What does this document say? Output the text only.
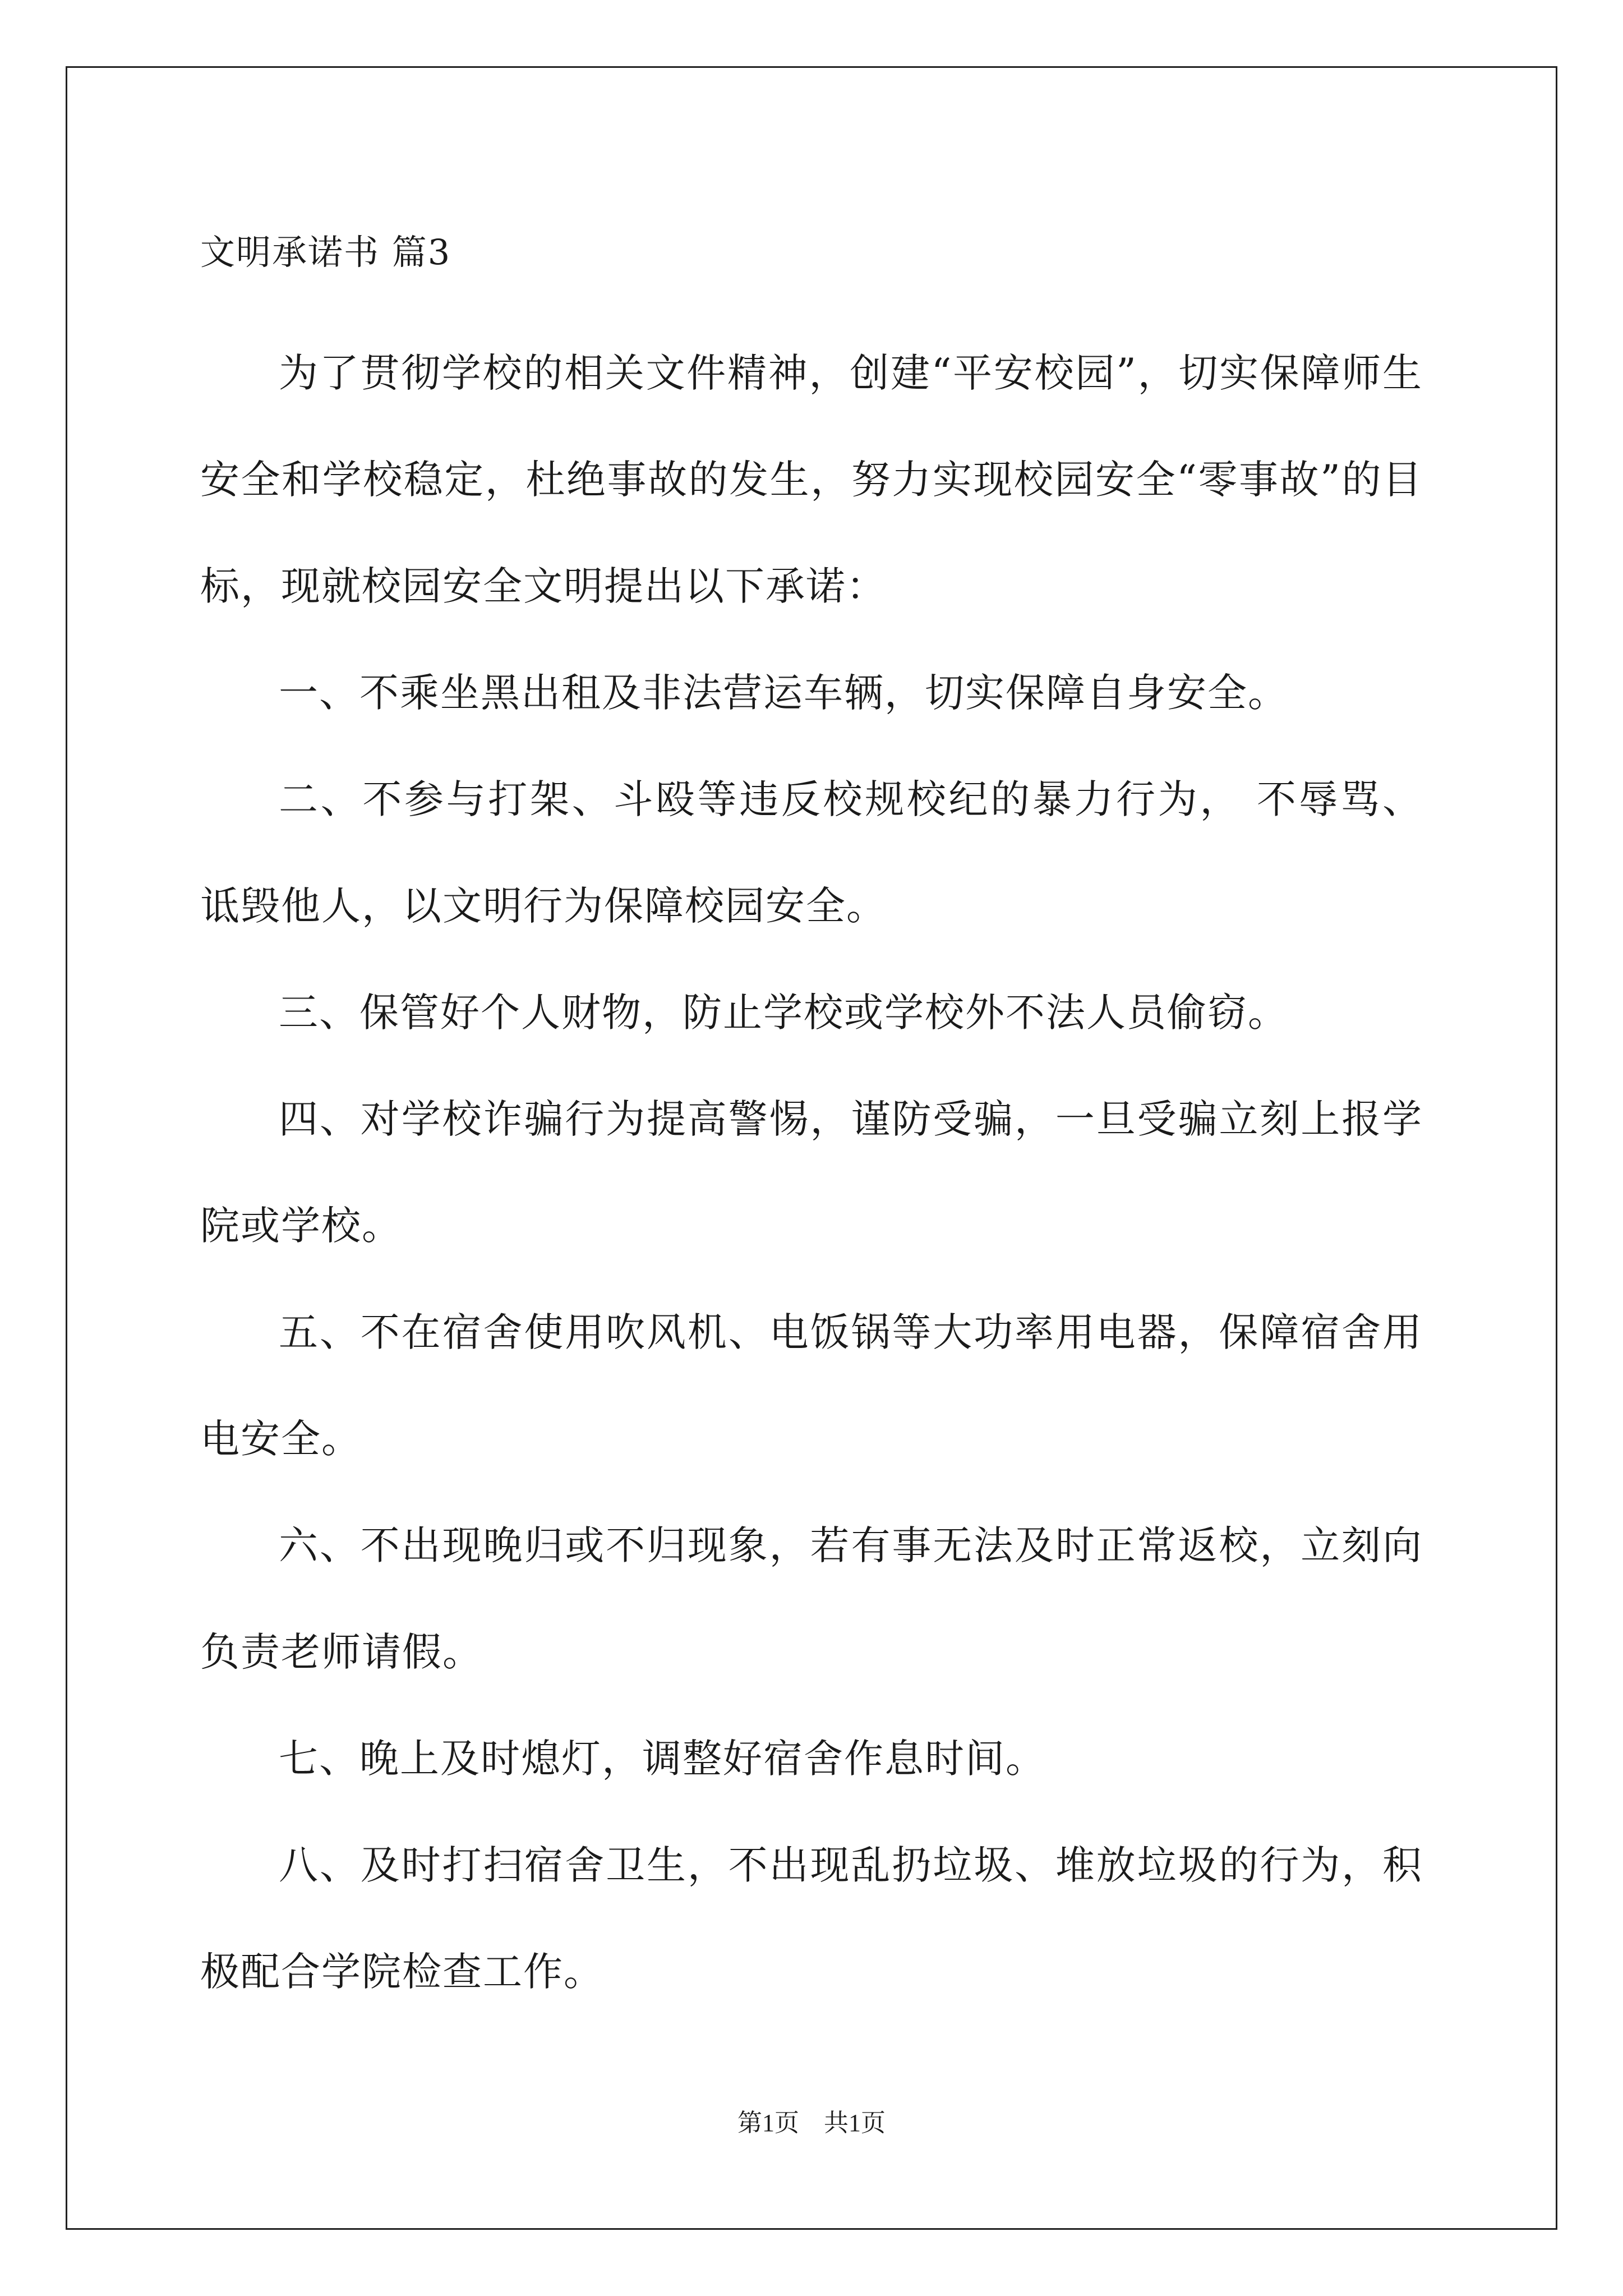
文明承诺书 篇3

为了贯彻学校的相关文件精神，创建“平安校园”，切实保障师生安全和学校稳定，杜绝事故的发生，努力实现校园安全“零事故”的目标，现就校园安全文明提出以下承诺：

一、不乘坐黑出租及非法营运车辆，切实保障自身安全。

二、不参与打架、斗殴等违反校规校纪的暴力行为， 不辱骂、诋毁他人，以文明行为保障校园安全。

三、保管好个人财物，防止学校或学校外不法人员偷窃。

四、对学校诈骗行为提高警惕，谨防受骗，一旦受骗立刻上报学院或学校。

五、不在宿舍使用吹风机、电饭锅等大功率用电器，保障宿舍用电安全。

六、不出现晚归或不归现象，若有事无法及时正常返校，立刻向负责老师请假。

七、晚上及时熄灯，调整好宿舍作息时间。

八、及时打扫宿舍卫生，不出现乱扔垃圾、堆放垃圾的行为，积极配合学院检查工作。

第1页　共1页
